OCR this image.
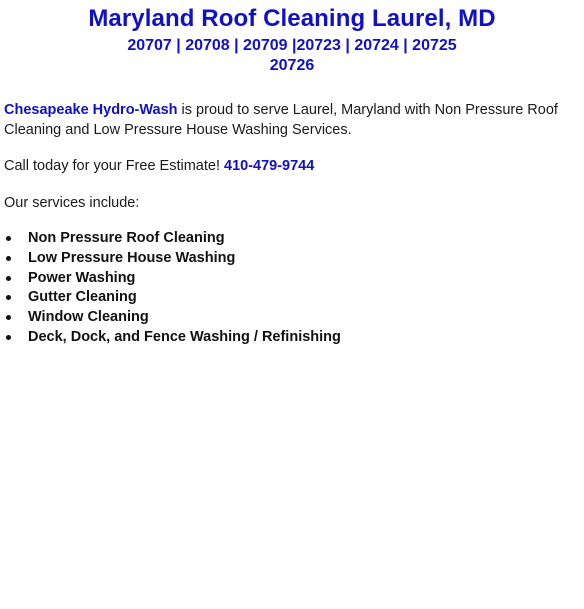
Maryland Roof Cleaning Laurel, MD
20707 | 20708 | 20709 |20723 | 20724 | 20725
20726

Chesapeake Hydro-Wash is proud to serve Laurel, Maryland with Non Pressure Roof Cleaning and Low Pressure House Washing Services.

Call today for your Free Estimate! 410-479-9744

Our services include:

Non Pressure Roof Cleaning
Low Pressure House Washing
Power Washing
Gutter Cleaning
Window Cleaning
Deck, Dock, and Fence Washing / Refinishing
